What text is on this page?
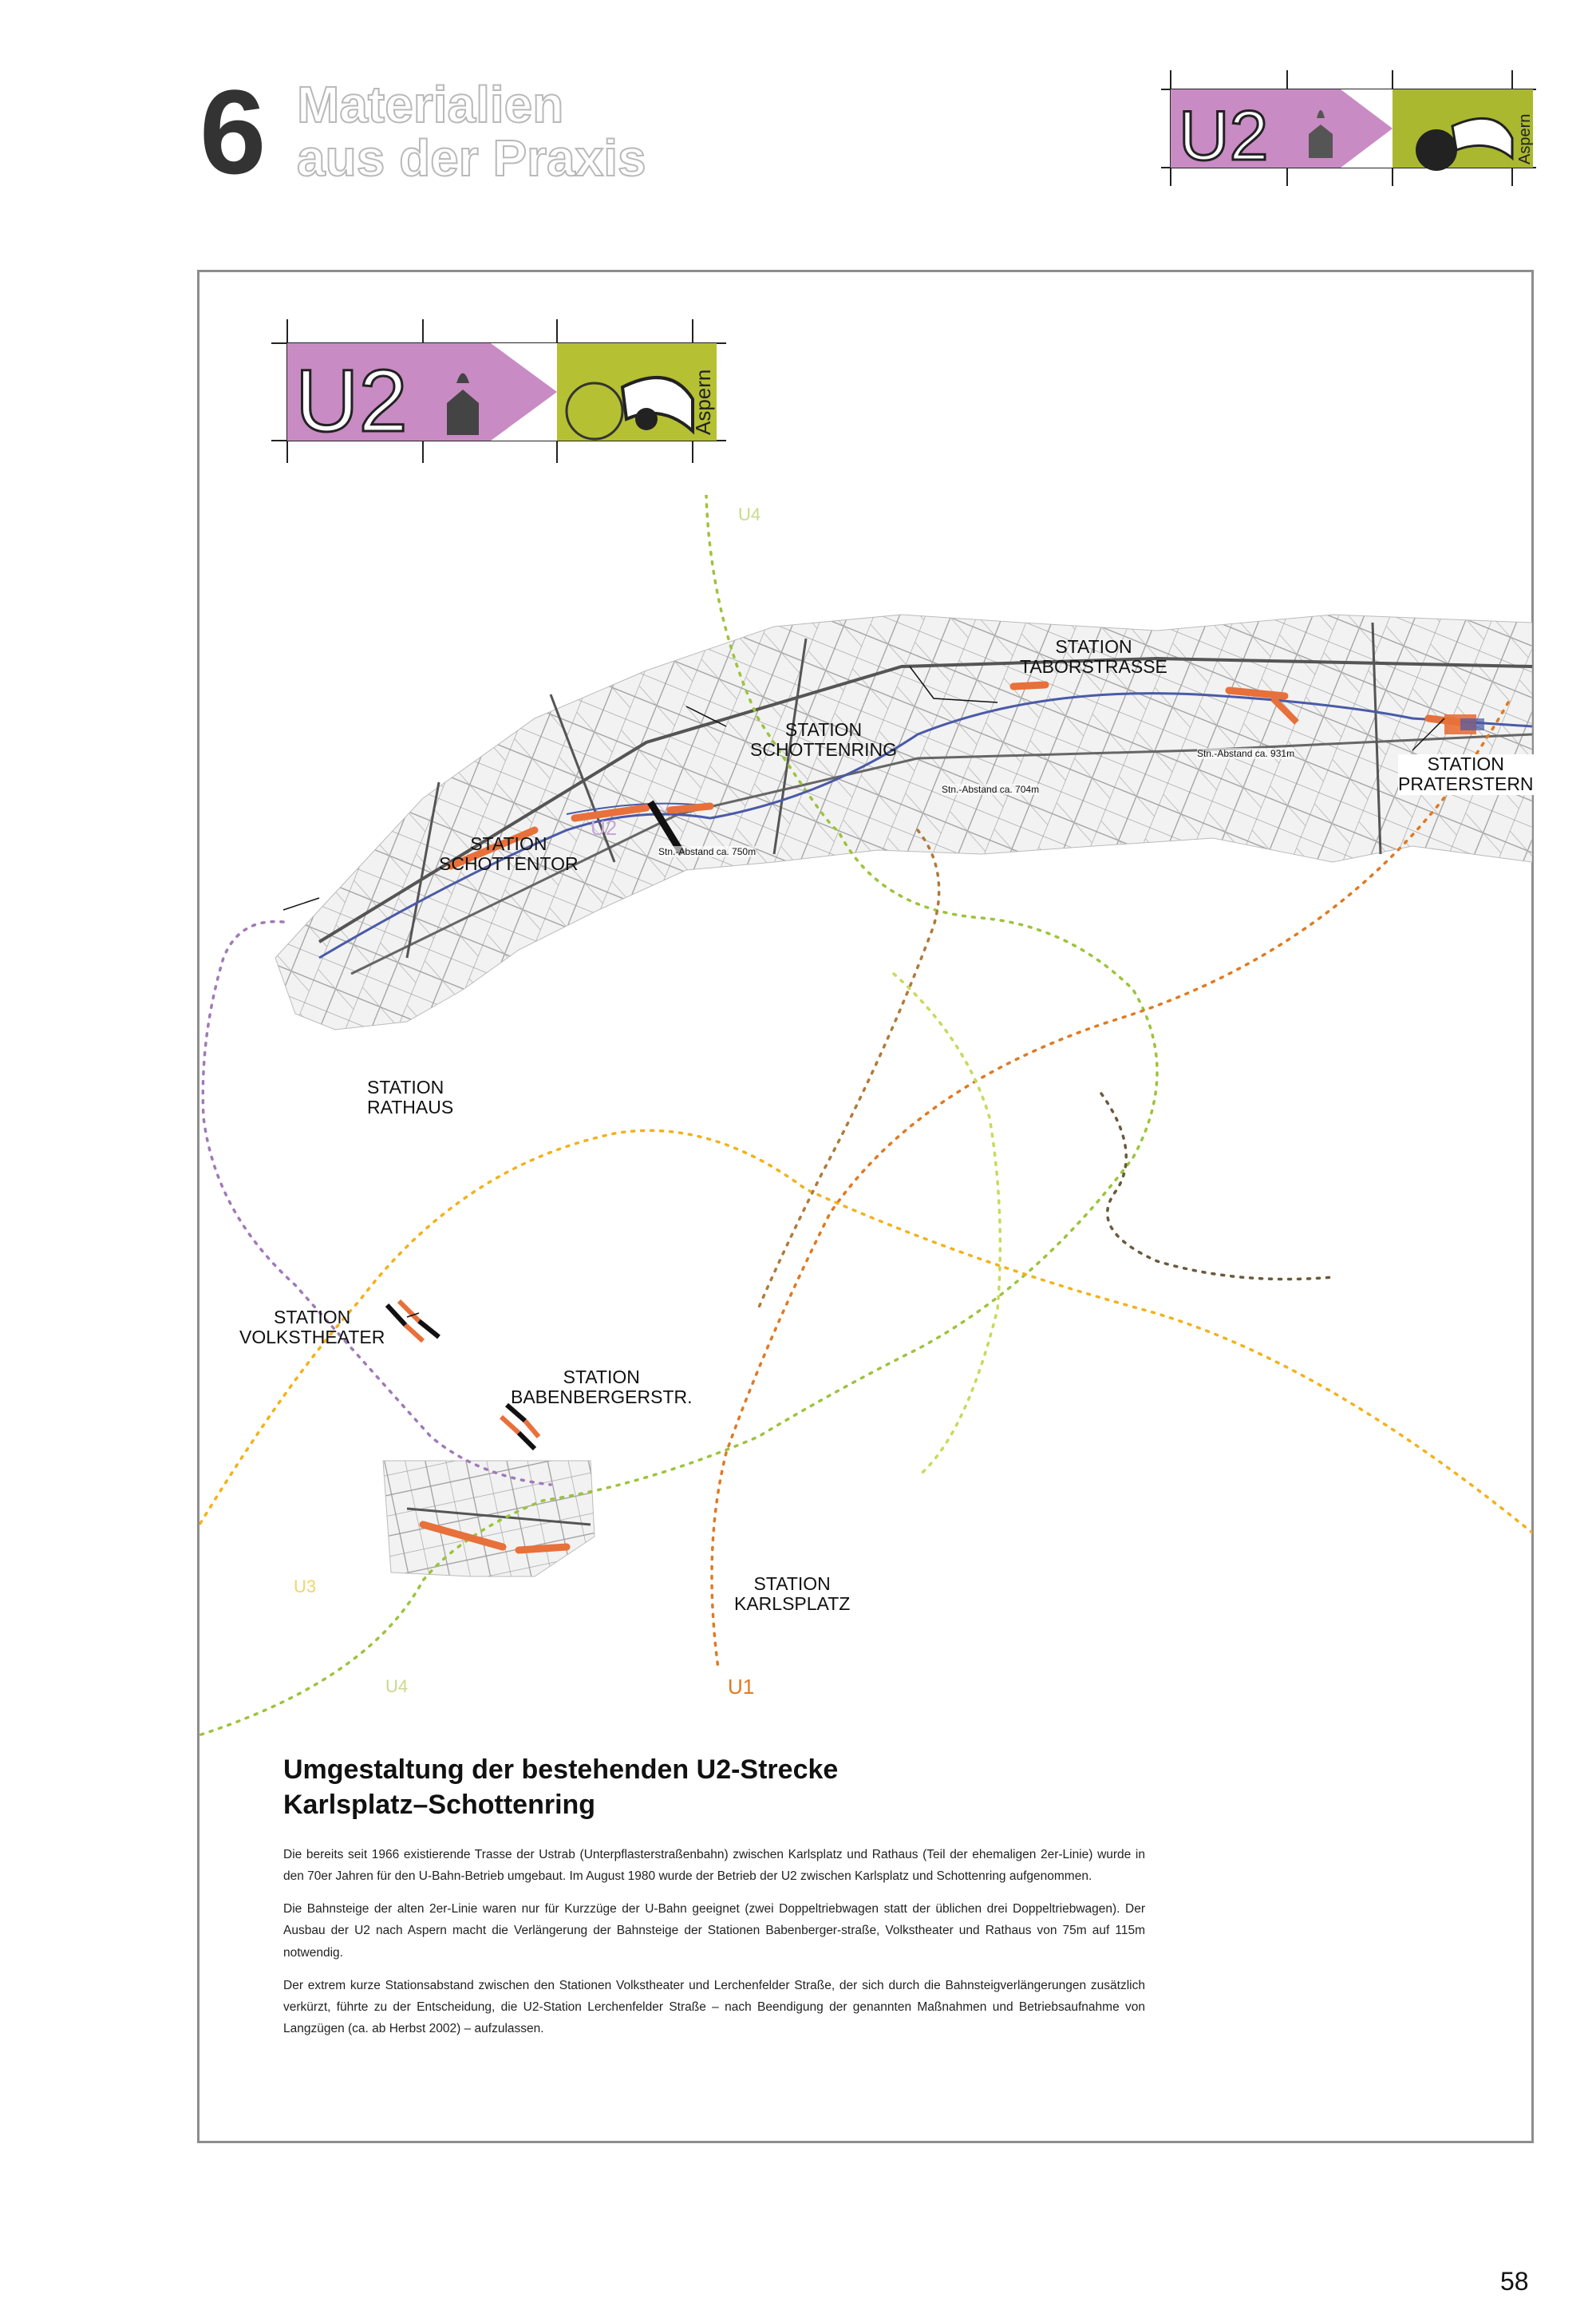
6 Materialien
aus der Praxis	U2	Aspern
U2	Aspern
STATION
TABORSTRASSE
STATION
SCHOTTENRING
STATION
PRATERSTERN
STATION
SCHOTTENTOR
STATION
RATHAUS
STATION
VOLKSTHEATER
STATION
BABENBERGERSTR.
STATION
KARLSPLATZ
Stn.-Abstand ca. 750m
Stn.-Abstand ca. 704m
Stn.-Abstand ca. 931m
U4
U3
U4	U1
U2
Umgestaltung der bestehenden U2-Strecke
Karlsplatz–Schottenring

Die bereits seit 1966 existierende Trasse der Ustrab (Unterpflasterstraßenbahn) zwischen Karlsplatz und Rathaus (Teil der ehemaligen 2er-Linie) wurde in den 70er Jahren für den U-Bahn-Betrieb umgebaut. Im August 1980 wurde der Betrieb der U2 zwischen Karlsplatz und Schottenring aufgenommen.

Die Bahnsteige der alten 2er-Linie waren nur für Kurzzüge der U-Bahn geeignet (zwei Doppeltriebwagen statt der üblichen drei Doppeltriebwagen). Der Ausbau der U2 nach Aspern macht die Verlängerung der Bahnsteige der Stationen Babenberger-straße, Volkstheater und Rathaus von 75m auf 115m notwendig.

Der extrem kurze Stationsabstand zwischen den Stationen Volkstheater und Lerchenfelder Straße, der sich durch die Bahnsteigverlängerungen zusätzlich verkürzt, führte zu der Entscheidung, die U2-Station Lerchenfelder Straße – nach Beendigung der genannten Maßnahmen und Betriebsaufnahme von Langzügen (ca. ab Herbst 2002) – aufzulassen.

58
